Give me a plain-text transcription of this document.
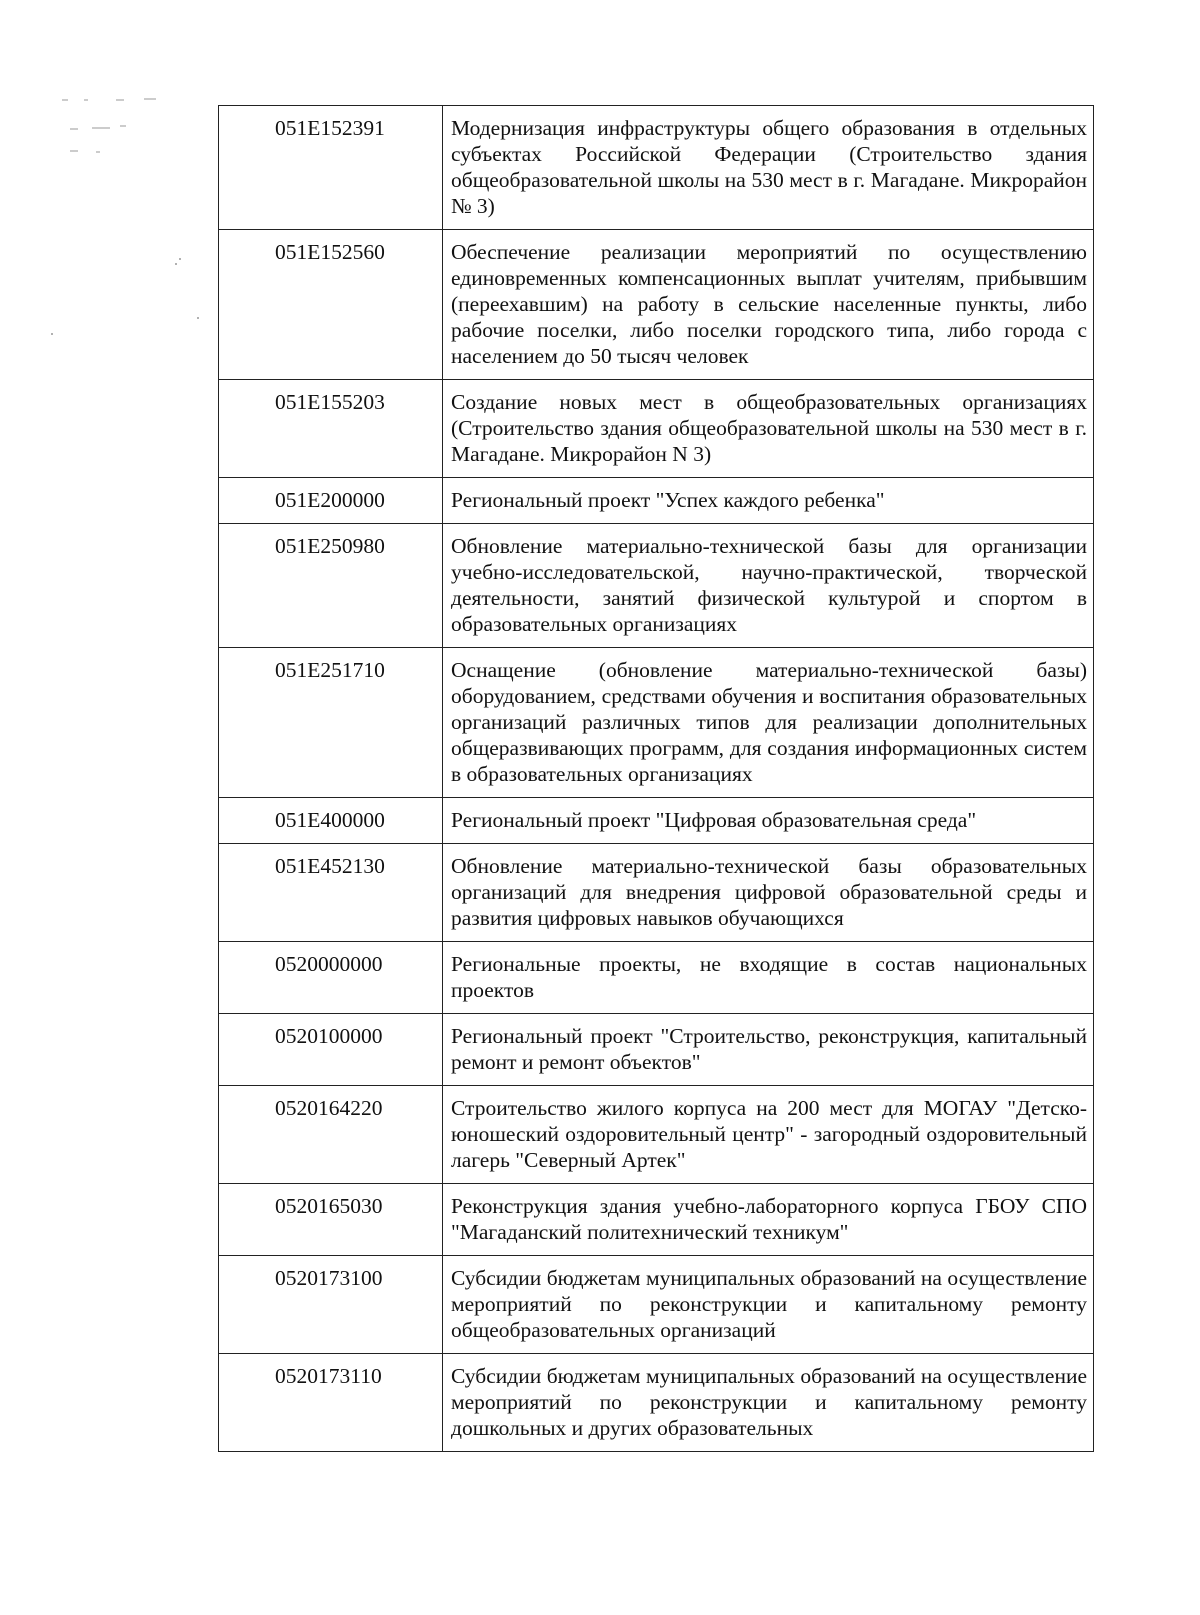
051E152391	Модернизация инфраструктуры общего образования в отдельных субъектах Российской Федерации (Строительство здания общеобразовательной школы на 530 мест в г. Магадане. Микрорайон № 3)
051E152560	Обеспечение реализации мероприятий по осуществлению единовременных компенсационных выплат учителям, прибывшим (переехавшим) на работу в сельские населенные пункты, либо рабочие поселки, либо поселки городского типа, либо города с населением до 50 тысяч человек
051E155203	Создание новых мест в общеобразовательных организациях (Строительство здания общеобразовательной школы на 530 мест в г. Магадане. Микрорайон N 3)
051E200000	Региональный проект "Успех каждого ребенка"
051E250980	Обновление материально-технической базы для организации учебно-исследовательской, научно-практической, творческой деятельности, занятий физической культурой и спортом в образовательных организациях
051E251710	Оснащение (обновление материально-технической базы) оборудованием, средствами обучения и воспитания образовательных организаций различных типов для реализации дополнительных общеразвивающих программ, для создания информационных систем в образовательных организациях
051E400000	Региональный проект "Цифровая образовательная среда"
051E452130	Обновление материально-технической базы образовательных организаций для внедрения цифровой образовательной среды и развития цифровых навыков обучающихся
0520000000	Региональные проекты, не входящие в состав национальных проектов
0520100000	Региональный проект "Строительство, реконструкция, капитальный ремонт и ремонт объектов"
0520164220	Строительство жилого корпуса на 200 мест для МОГАУ "Детско-юношеский оздоровительный центр" - загородный оздоровительный лагерь "Северный Артек"
0520165030	Реконструкция здания учебно-лабораторного корпуса ГБОУ СПО "Магаданский политехнический техникум"
0520173100	Субсидии бюджетам муниципальных образований на осуществление мероприятий по реконструкции и капитальному ремонту общеобразовательных организаций
0520173110	Субсидии бюджетам муниципальных образований на осуществление мероприятий по реконструкции и капитальному ремонту дошкольных и других образовательных
